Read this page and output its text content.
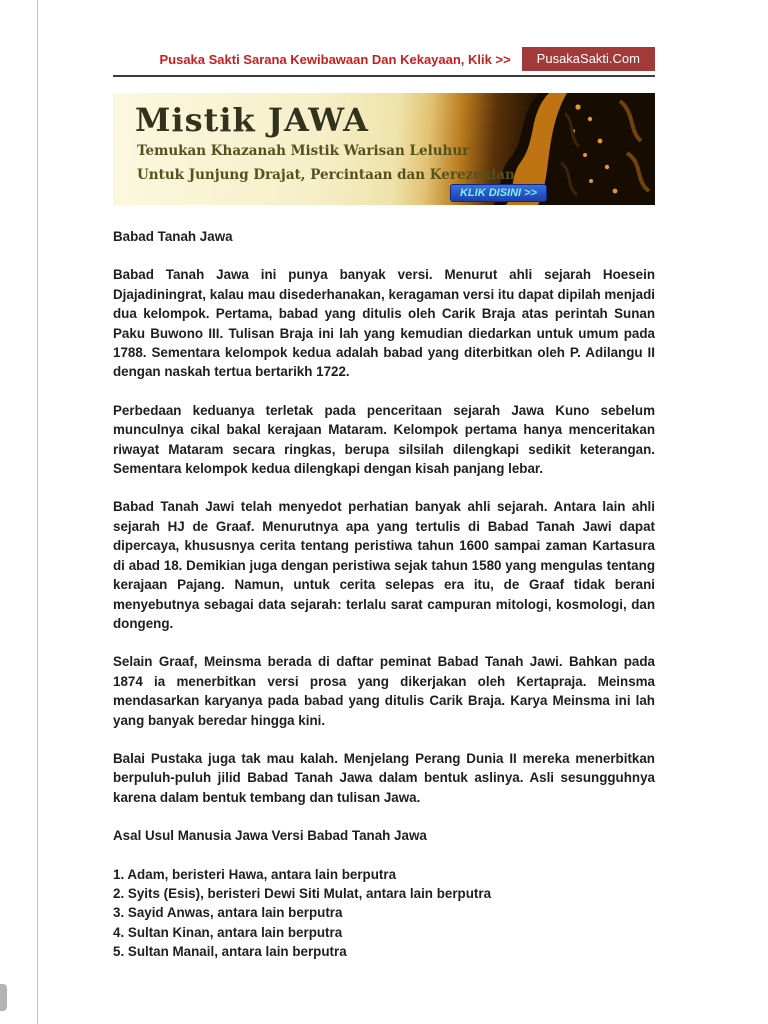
Pusaka Sakti Sarana Kewibawaan Dan Kekayaan, Klik >>	PusakaSakti.Com
Mistik JAWA
Temukan Khazanah Mistik Warisan Leluhur
Untuk Junjung Drajat, Percintaan dan Kerezekian
KLIK DISINI >>

Babad Tanah Jawa

Babad Tanah Jawa ini punya banyak versi. Menurut ahli sejarah Hoesein Djajadiningrat, kalau mau disederhanakan, keragaman versi itu dapat dipilah menjadi dua kelompok. Pertama, babad yang ditulis oleh Carik Braja atas perintah Sunan Paku Buwono III. Tulisan Braja ini lah yang kemudian diedarkan untuk umum pada 1788. Sementara kelompok kedua adalah babad yang diterbitkan oleh P. Adilangu II dengan naskah tertua bertarikh 1722.

Perbedaan keduanya terletak pada penceritaan sejarah Jawa Kuno sebelum munculnya cikal bakal kerajaan Mataram. Kelompok pertama hanya menceritakan riwayat Mataram secara ringkas, berupa silsilah dilengkapi sedikit keterangan. Sementara kelompok kedua dilengkapi dengan kisah panjang lebar.

Babad Tanah Jawi telah menyedot perhatian banyak ahli sejarah. Antara lain ahli sejarah HJ de Graaf. Menurutnya apa yang tertulis di Babad Tanah Jawi dapat dipercaya, khususnya cerita tentang peristiwa tahun 1600 sampai zaman Kartasura di abad 18. Demikian juga dengan peristiwa sejak tahun 1580 yang mengulas tentang kerajaan Pajang. Namun, untuk cerita selepas era itu, de Graaf tidak berani menyebutnya sebagai data sejarah: terlalu sarat campuran mitologi, kosmologi, dan dongeng.

Selain Graaf, Meinsma berada di daftar peminat Babad Tanah Jawi. Bahkan pada 1874 ia menerbitkan versi prosa yang dikerjakan oleh Kertapraja. Meinsma mendasarkan karyanya pada babad yang ditulis Carik Braja. Karya Meinsma ini lah yang banyak beredar hingga kini.

Balai Pustaka juga tak mau kalah. Menjelang Perang Dunia II mereka menerbitkan berpuluh-puluh jilid Babad Tanah Jawa dalam bentuk aslinya. Asli sesungguhnya karena dalam bentuk tembang dan tulisan Jawa.

Asal Usul Manusia Jawa Versi Babad Tanah Jawa

1. Adam, beristeri Hawa, antara lain berputra
2. Syits (Esis), beristeri Dewi Siti Mulat, antara lain berputra
3. Sayid Anwas, antara lain berputra
4. Sultan Kinan, antara lain berputra
5. Sultan Manail, antara lain berputra
